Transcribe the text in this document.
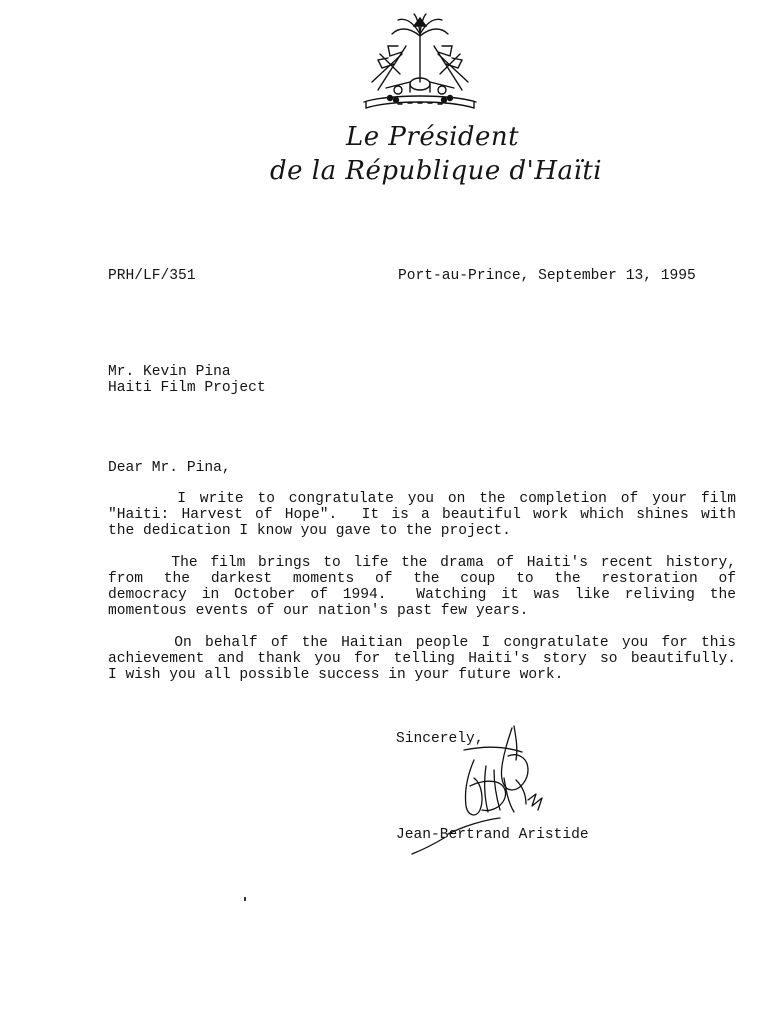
Le Président
de la République d'Haïti
PRH/LF/351	Port-au-Prince, September 13, 1995
Mr. Kevin Pina
Haiti Film Project
Dear Mr. Pina,
I write to congratulate you on the completion of your film
"Haiti: Harvest of Hope".  It is a beautiful work which shines with
the dedication I know you gave to the project.
The film brings to life the drama of Haiti's recent history,
from the darkest moments of the coup to the restoration of
democracy in October of 1994.  Watching it was like reliving the
momentous events of our nation's past few years.
On behalf of the Haitian people I congratulate you for this
achievement and thank you for telling Haiti's story so beautifully.
I wish you all possible success in your future work.
Sincerely,
Jean-Bertrand Aristide
